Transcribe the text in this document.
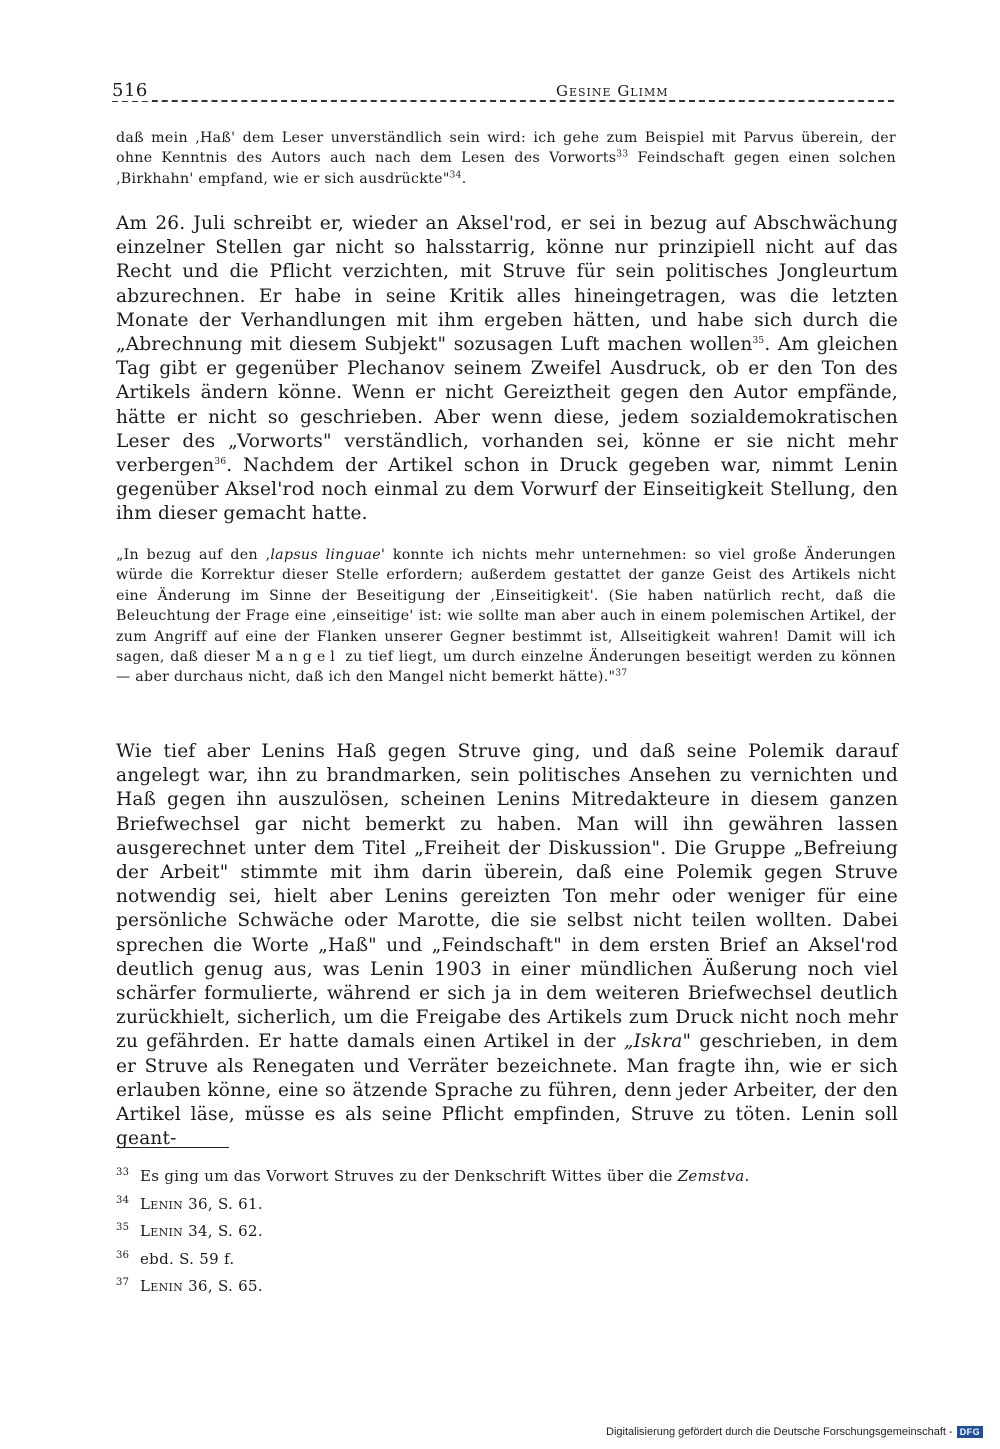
516	Gesine Glimm

daß mein ‚Haß' dem Leser unverständlich sein wird: ich gehe zum Beispiel mit Parvus überein, der ohne Kenntnis des Autors auch nach dem Lesen des Vorworts$^{33}$ Feindschaft gegen einen solchen ‚Birkhahn' empfand, wie er sich ausdrückte"$^{34}$.

Am 26. Juli schreibt er, wieder an Aksel'rod, er sei in bezug auf Abschwächung einzelner Stellen gar nicht so halsstarrig, könne nur prinzipiell nicht auf das Recht und die Pflicht verzichten, mit Struve für sein politisches Jongleurtum abzurechnen. Er habe in seine Kritik alles hineingetragen, was die letzten Monate der Verhandlungen mit ihm ergeben hätten, und habe sich durch die „Abrechnung mit diesem Subjekt" sozusagen Luft machen wollen$^{35}$. Am gleichen Tag gibt er gegenüber Plechanov seinem Zweifel Ausdruck, ob er den Ton des Artikels ändern könne. Wenn er nicht Gereiztheit gegen den Autor empfände, hätte er nicht so geschrieben. Aber wenn diese, jedem sozialdemokratischen Leser des „Vorworts" verständlich, vorhanden sei, könne er sie nicht mehr verbergen$^{36}$. Nachdem der Artikel schon in Druck gegeben war, nimmt Lenin gegenüber Aksel'rod noch einmal zu dem Vorwurf der Einseitigkeit Stellung, den ihm dieser gemacht hatte.

„In bezug auf den ‚lapsus linguae' konnte ich nichts mehr unternehmen: so viel große Änderungen würde die Korrektur dieser Stelle erfordern; außerdem gestattet der ganze Geist des Artikels nicht eine Änderung im Sinne der Beseitigung der ‚Einseitigkeit'. (Sie haben natürlich recht, daß die Beleuchtung der Frage eine ‚einseitige' ist: wie sollte man aber auch in einem polemischen Artikel, der zum Angriff auf eine der Flanken unserer Gegner bestimmt ist, Allseitigkeit wahren! Damit will ich sagen, daß dieser Mangel zu tief liegt, um durch einzelne Änderungen beseitigt werden zu können — aber durchaus nicht, daß ich den Mangel nicht bemerkt hätte)."$^{37}$

Wie tief aber Lenins Haß gegen Struve ging, und daß seine Polemik darauf angelegt war, ihn zu brandmarken, sein politisches Ansehen zu vernichten und Haß gegen ihn auszulösen, scheinen Lenins Mitredakteure in diesem ganzen Briefwechsel gar nicht bemerkt zu haben. Man will ihn gewähren lassen ausgerechnet unter dem Titel „Freiheit der Diskussion". Die Gruppe „Befreiung der Arbeit" stimmte mit ihm darin überein, daß eine Polemik gegen Struve notwendig sei, hielt aber Lenins gereizten Ton mehr oder weniger für eine persönliche Schwäche oder Marotte, die sie selbst nicht teilen wollten. Dabei sprechen die Worte „Haß" und „Feindschaft" in dem ersten Brief an Aksel'rod deutlich genug aus, was Lenin 1903 in einer mündlichen Äußerung noch viel schärfer formulierte, während er sich ja in dem weiteren Briefwechsel deutlich zurückhielt, sicherlich, um die Freigabe des Artikels zum Druck nicht noch mehr zu gefährden. Er hatte damals einen Artikel in der „Iskra" geschrieben, in dem er Struve als Renegaten und Verräter bezeichnete. Man fragte ihn, wie er sich erlauben könne, eine so ätzende Sprache zu führen, denn jeder Arbeiter, der den Artikel läse, müsse es als seine Pflicht empfinden, Struve zu töten. Lenin soll geant-

33 Es ging um das Vorwort Struves zu der Denkschrift Wittes über die Zemstva.
34 Lenin 36, S. 61.
35 Lenin 34, S. 62.
36 ebd. S. 59 f.
37 Lenin 36, S. 65.
Digitalisierung gefördert durch die Deutsche Forschungsgemeinschaft - DFG
